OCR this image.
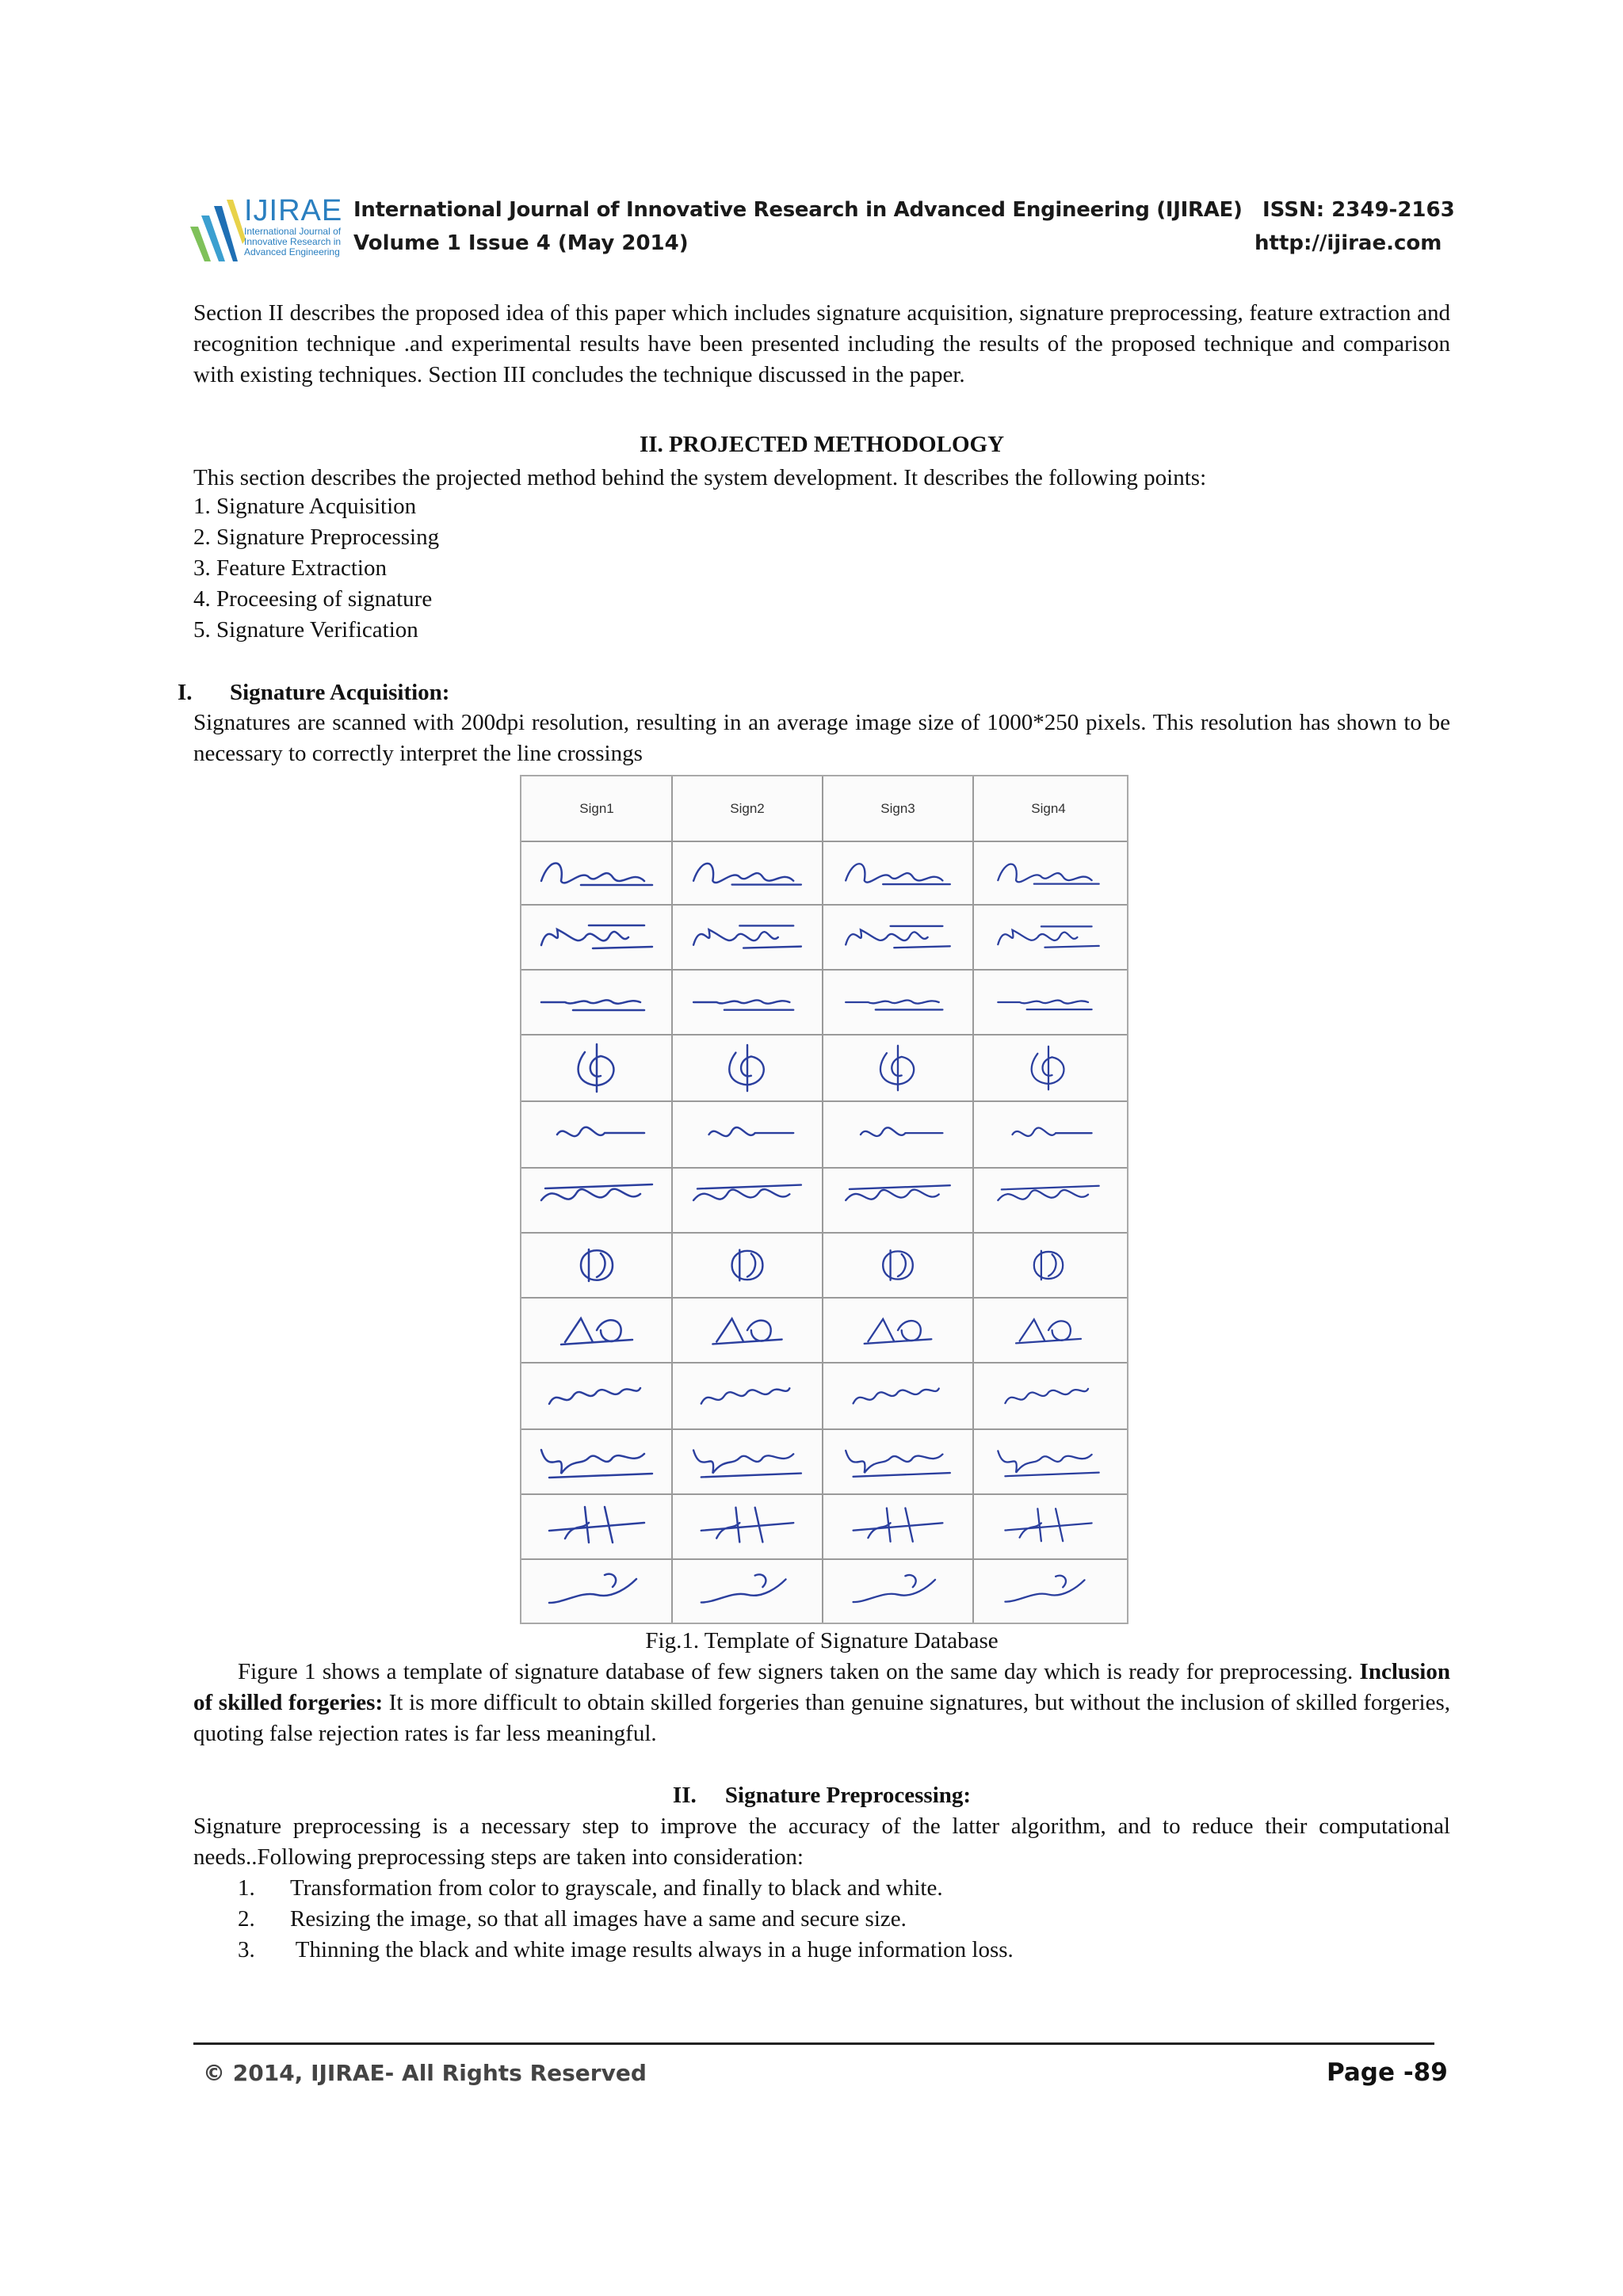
IJIRAE
International Journal of Innovative Research in Advanced Engineering
International Journal of Innovative Research in Advanced Engineering (IJIRAE)
Volume 1 Issue 4 (May 2014)
ISSN: 2349-2163
http://ijirae.com
Section II describes the proposed idea of this paper which includes signature acquisition, signature preprocessing, feature extraction and recognition technique .and experimental results have been presented including the results of the proposed technique and comparison with existing techniques. Section III concludes the technique discussed in the paper.
II. PROJECTED METHODOLOGY
This section describes the projected method behind the system development. It describes the following points:
1. Signature Acquisition
2. Signature Preprocessing
3. Feature Extraction
4. Proceesing of signature
5. Signature Verification
I. Signature Acquisition:
Signatures are scanned with 200dpi resolution, resulting in an average image size of 1000*250 pixels. This resolution has shown to be necessary to correctly interpret the line crossings
Sign1	Sign2	Sign3	Sign4
Fig.1. Template of Signature Database
Figure 1 shows a template of signature database of few signers taken on the same day which is ready for preprocessing. Inclusion of skilled forgeries: It is more difficult to obtain skilled forgeries than genuine signatures, but without the inclusion of skilled forgeries, quoting false rejection rates is far less meaningful.
II. Signature Preprocessing:
Signature preprocessing is a necessary step to improve the accuracy of the latter algorithm, and to reduce their computational needs..Following preprocessing steps are taken into consideration:
1. Transformation from color to grayscale, and finally to black and white.
2. Resizing the image, so that all images have a same and secure size.
3. Thinning the black and white image results always in a huge information loss.
© 2014, IJIRAE- All Rights Reserved	Page -89
